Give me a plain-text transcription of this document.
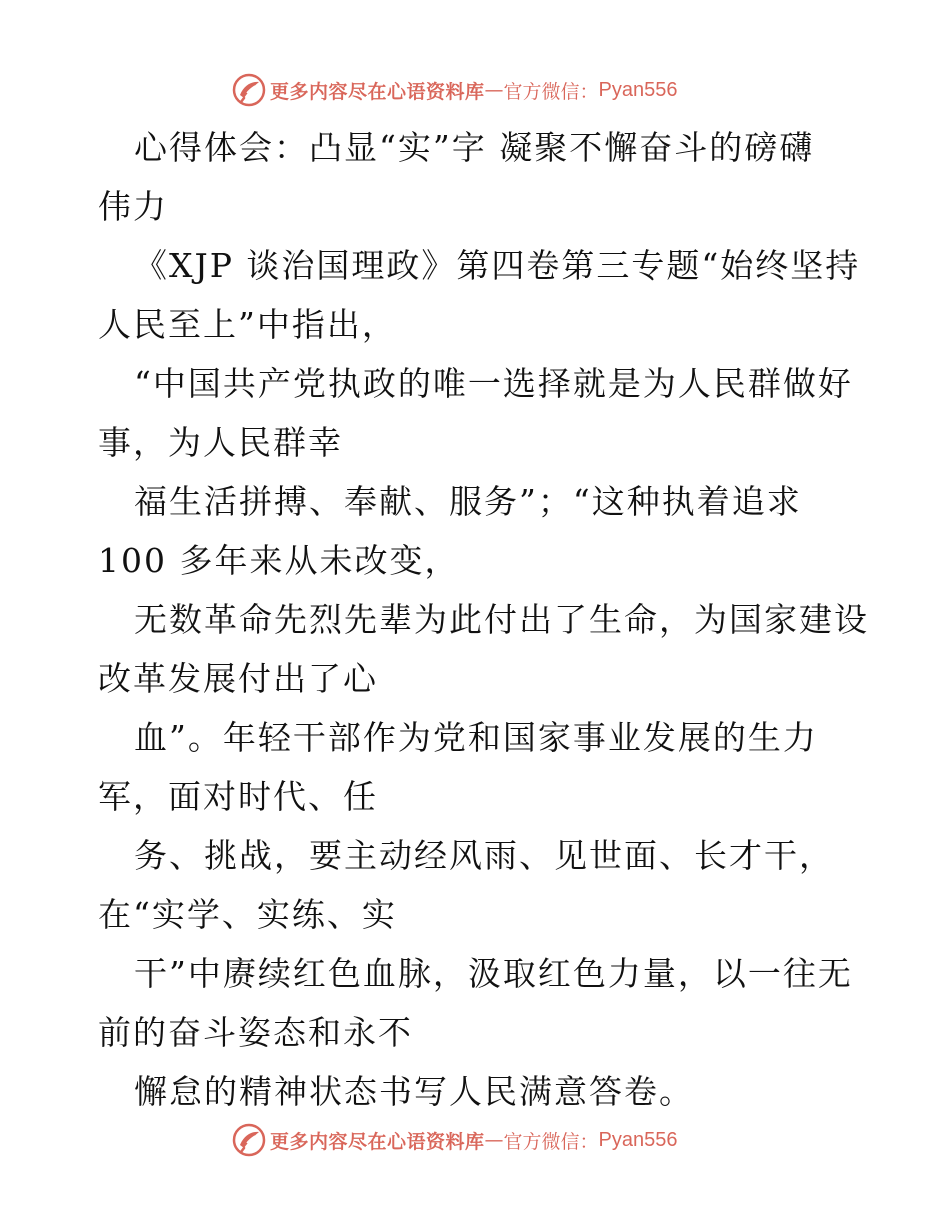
更多内容尽在心语资料库 — 官方微信： Pyan556
心得体会：凸显“实”字 凝聚不懈奋斗的磅礴
伟力
《XJP 谈治国理政》第四卷第三专题“始终坚持
人民至上”中指出，
“中国共产党执政的唯一选择就是为人民群做好
事，为人民群幸
福生活拼搏、奉献、服务”；“这种执着追求
100 多年来从未改变，
无数革命先烈先辈为此付出了生命，为国家建设
改革发展付出了心
血”。年轻干部作为党和国家事业发展的生力
军，面对时代、任
务、挑战，要主动经风雨、见世面、长才干，
在“实学、实练、实
干”中赓续红色血脉，汲取红色力量，以一往无
前的奋斗姿态和永不
懈怠的精神状态书写人民满意答卷。
更多内容尽在心语资料库 — 官方微信： Pyan556
